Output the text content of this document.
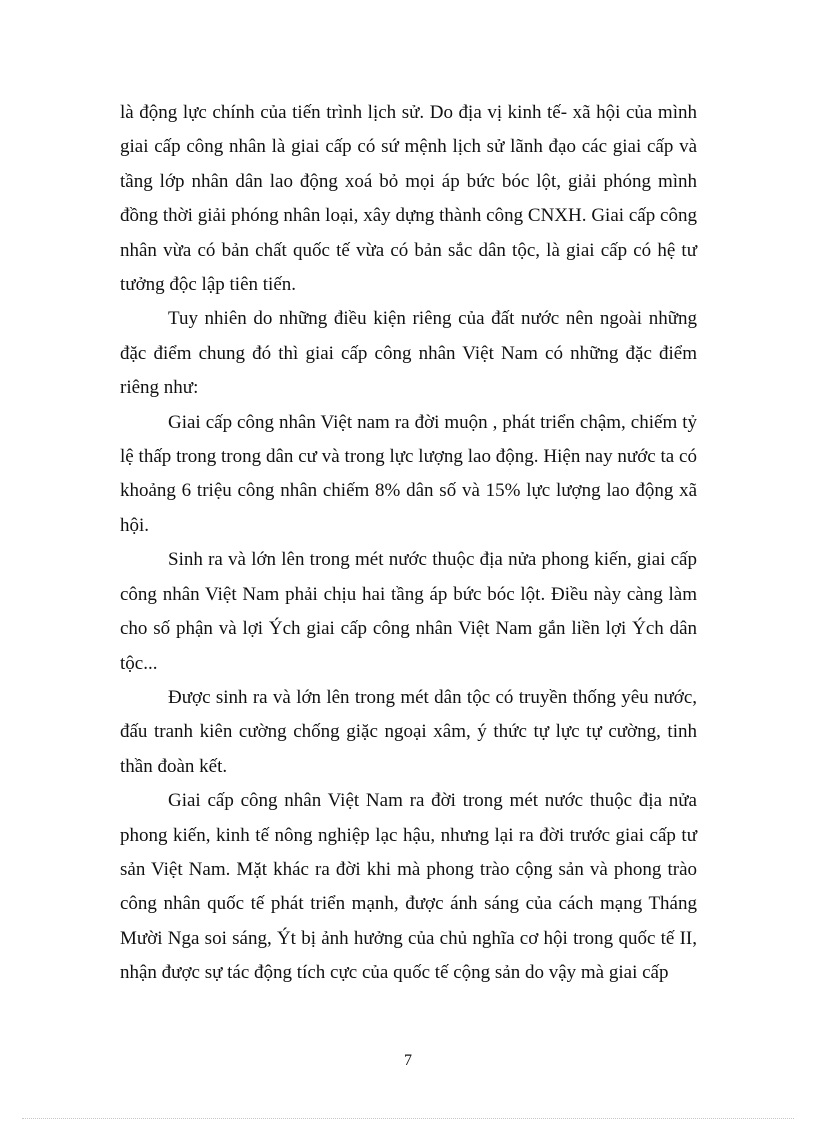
là động lực chính của tiến trình lịch sử. Do địa vị kinh tế- xã hội của mình giai cấp công nhân là giai cấp có sứ mệnh lịch sử lãnh đạo các giai cấp và tầng lớp nhân dân lao động xoá bỏ mọi áp bức bóc lột, giải phóng mình đồng thời giải phóng nhân loại, xây dựng thành công CNXH. Giai cấp công nhân vừa có bản chất quốc tế vừa có bản sắc dân tộc, là giai cấp có hệ tư tưởng độc lập tiên tiến.

Tuy nhiên do những điều kiện riêng của đất nước nên ngoài những đặc điểm chung đó thì giai cấp công nhân Việt Nam có những đặc điểm riêng như:

Giai cấp công nhân Việt nam ra đời muộn , phát triển chậm, chiếm tỷ lệ thấp trong trong dân cư và trong lực lượng lao động. Hiện nay nước ta có khoảng 6 triệu công nhân chiếm 8% dân số và 15% lực lượng lao động xã hội.

Sinh ra và lớn lên trong mét nước thuộc địa nửa phong kiến, giai cấp công nhân Việt Nam phải chịu hai tầng áp bức bóc lột. Điều này càng làm cho số phận và lợi Ých giai cấp công nhân Việt Nam gắn liền lợi Ých dân tộc...

Được sinh ra và lớn lên trong mét dân tộc có truyền thống yêu nước, đấu tranh kiên cường chống giặc ngoại xâm, ý thức tự lực tự cường, tinh thần đoàn kết.

Giai cấp công nhân Việt Nam ra đời trong mét nước thuộc địa nửa phong kiến, kinh tế nông nghiệp lạc hậu, nhưng lại ra đời trước giai cấp tư sản Việt Nam. Mặt khác ra đời khi mà phong trào cộng sản và phong trào công nhân quốc tế phát triển mạnh, được ánh sáng của cách mạng Tháng Mười Nga soi sáng, Ýt bị ảnh hưởng của chủ nghĩa cơ hội trong quốc tế II, nhận được sự tác động tích cực của quốc tế cộng sản do vậy mà giai cấp

7
